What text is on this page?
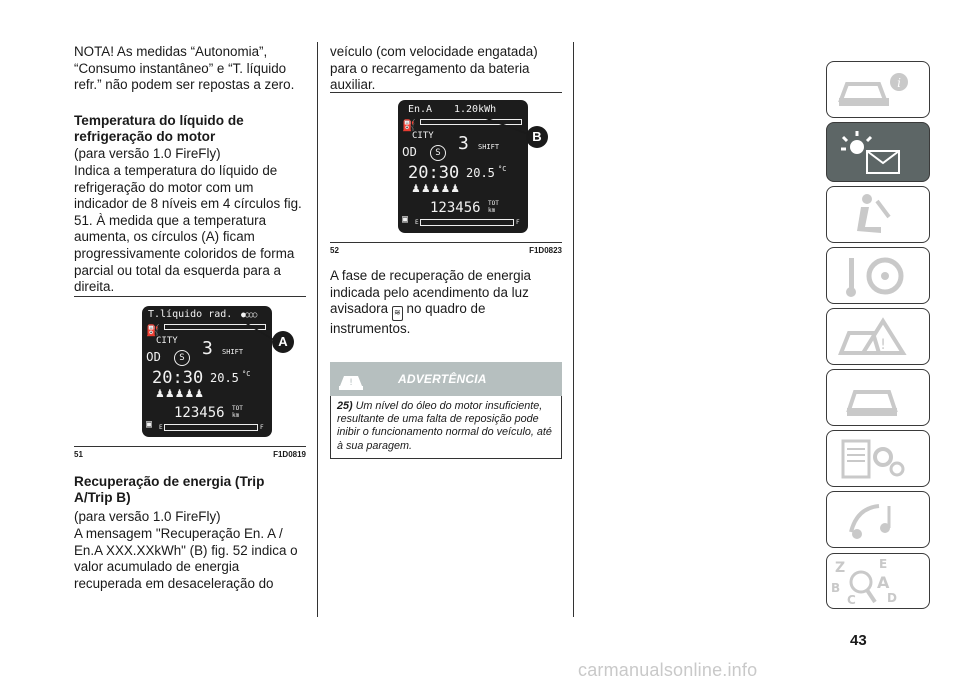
NOTA! As medidas “Autonomia”, “Consumo instantâneo” e “T. líquido refr.” não podem ser repostas a zero.

Temperatura do líquido de refrigeração do motor

(para versão 1.0 FireFly)

Indica a temperatura do líquido de refrigeração do motor com um indicador de 8 níveis em 4 círculos fig. 51. À medida que a temperatura aumenta, os círculos (A) ficam progressivamente coloridos de forma parcial ou total da esquerda para a direita.

T.líquido rad. ●○○○
⛽
CITY 3 SHIFT
𝟢D	S
20:30 20.5 °C
♟♟♟♟♟
123456 TOT
km
▣ E	F
A
51	F1D0819
Recuperação de energia (Trip A/Trip B)

(para versão 1.0 FireFly)

A mensagem "Recuperação En. A / En.A XXX.XXkWh" (B) fig. 52 indica o valor acumulado de energia recuperada em desaceleração do

veículo (com velocidade engatada) para o recarregamento da bateria auxiliar.

En.A 1.20kWh
⛽
CITY 3 SHIFT
𝟢D	S
20:30 20.5 °C
♟♟♟♟♟
123456 TOT
km
▣ E	F
B
52	F1D0823

A fase de recuperação de energia indicada pelo acendimento da luz avisadora ≋ no quadro de instrumentos.

!	ADVERTÊNCIA
25) Um nível do óleo do motor insuficiente, resultante de uma falta de reposição pode inibir o funcionamento normal do veículo, até à sua paragem.
i
!
Z	E
B A
C	D
43
carmanualsonline.info
